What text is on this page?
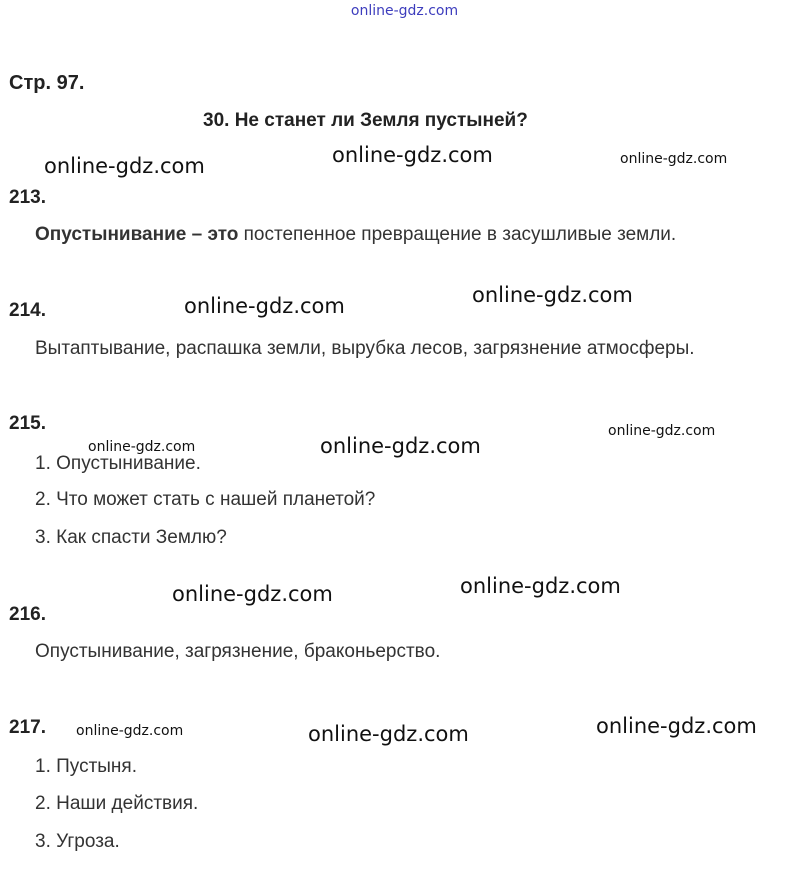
online-gdz.com
Стр. 97.
30. Не станет ли Земля пустыней?
213.
Опустынивание – это постепенное превращение в засушливые земли.
214.
Вытаптывание, распашка земли, вырубка лесов, загрязнение атмосферы.
215.
1. Опустынивание.
2. Что может стать с нашей планетой?
3. Как спасти Землю?
216.
Опустынивание, загрязнение, браконьерство.
217.
1. Пустыня.
2. Наши действия.
3. Угроза.
online-gdz.com	online-gdz.com	online-gdz.com
online-gdz.com	online-gdz.com
online-gdz.com	online-gdz.com
online-gdz.com
online-gdz.com	online-gdz.com
online-gdz.com	online-gdz.com	online-gdz.com
